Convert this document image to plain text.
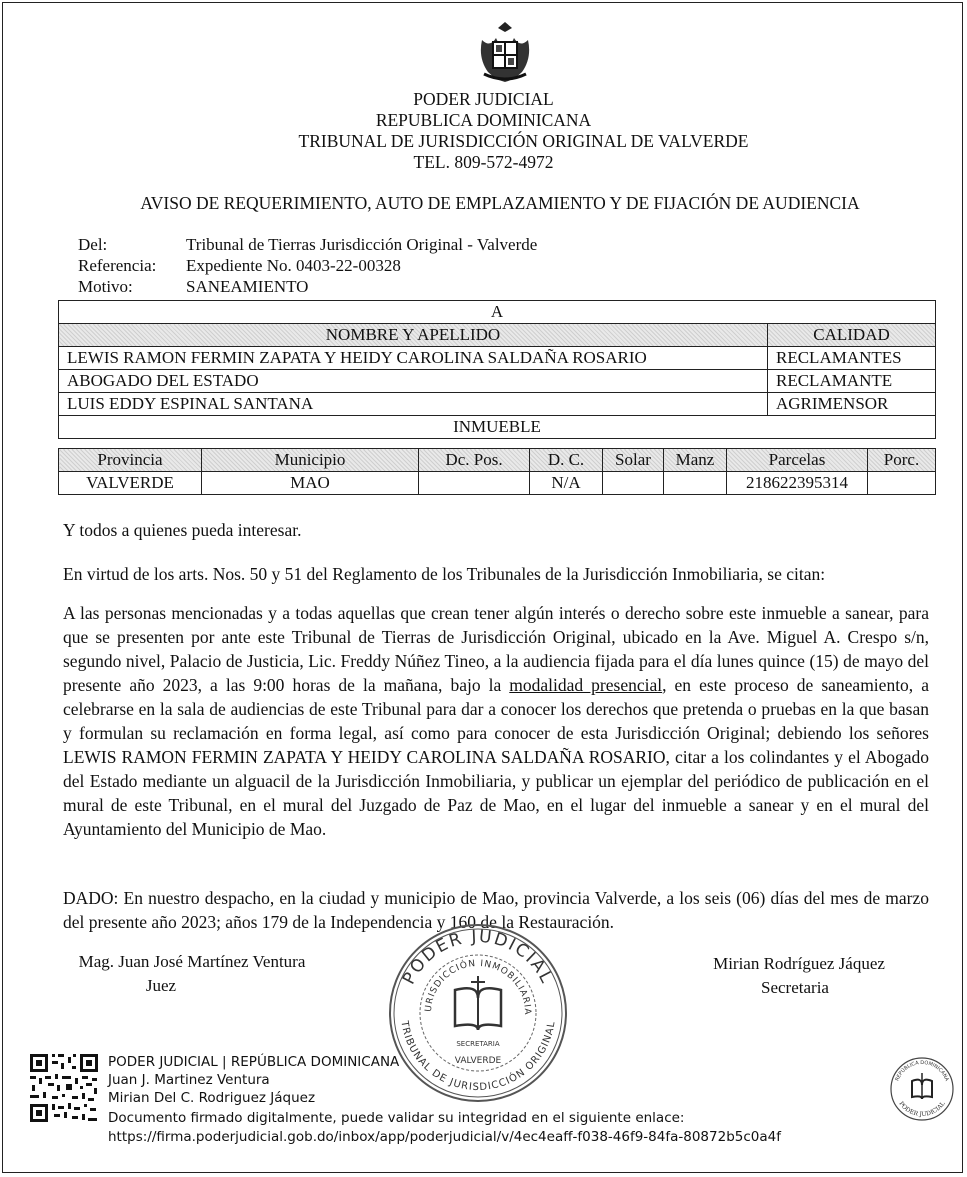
PODER JUDICIAL
REPUBLICA DOMINICANA
TRIBUNAL DE JURISDICCIÓN ORIGINAL DE VALVERDE
TEL. 809-572-4972
AVISO DE REQUERIMIENTO, AUTO DE EMPLAZAMIENTO Y DE FIJACIÓN DE AUDIENCIA
Del:	Tribunal de Tierras Jurisdicción Original - Valverde
Referencia: Expediente No. 0403-22-00328
Motivo:	SANEAMIENTO
A	
NOMBRE Y APELLIDO	CALIDAD
LEWIS RAMON FERMIN ZAPATA Y HEIDY CAROLINA SALDAÑA ROSARIO	RECLAMANTES
ABOGADO DEL ESTADO	RECLAMANTE
LUIS EDDY ESPINAL SANTANA	AGRIMENSOR
INMUEBLE	
Provincia	Municipio	Dc. Pos.	D. C.	Solar	Manz	Parcelas	Porc.
VALVERDE	MAO		N/A			218622395314	
Y todos a quienes pueda interesar.
En virtud de los arts. Nos. 50 y 51 del Reglamento de los Tribunales de la Jurisdicción Inmobiliaria, se citan:
A las personas mencionadas y a todas aquellas que crean tener algún interés o derecho sobre este inmueble a sanear, para que se presenten por ante este Tribunal de Tierras de Jurisdicción Original, ubicado en la Ave. Miguel A. Crespo s/n, segundo nivel, Palacio de Justicia, Lic. Freddy Núñez Tineo, a la audiencia fijada para el día lunes quince (15) de mayo del presente año 2023, a las 9:00 horas de la mañana, bajo la modalidad presencial, en este proceso de saneamiento, a celebrarse en la sala de audiencias de este Tribunal para dar a conocer los derechos que pretenda o pruebas en la que basan y formulan su reclamación en forma legal, así como para conocer de esta Jurisdicción Original; debiendo los señores LEWIS RAMON FERMIN ZAPATA Y HEIDY CAROLINA SALDAÑA ROSARIO, citar a los colindantes y el Abogado del Estado mediante un alguacil de la Jurisdicción Inmobiliaria, y publicar un ejemplar del periódico de publicación en el mural de este Tribunal, en el mural del Juzgado de Paz de Mao, en el lugar del inmueble a sanear y en el mural del Ayuntamiento del Municipio de Mao.
DADO: En nuestro despacho, en la ciudad y municipio de Mao, provincia Valverde, a los seis (06) días del mes de marzo del presente año 2023; años 179 de la Independencia y 160 de la Restauración.
Mag. Juan José Martínez Ventura
Juez
Mirian Rodríguez Jáquez
Secretaria
PODER JUDICIAL
URISDICCIÓN INMOBILIARIA
TRIBUNAL DE JURISDICCIÓN ORIGINAL
SECRETARIA
VALVERDE
PODER JUDICIAL | REPÚBLICA DOMINICANA
Juan J. Martinez Ventura
Mirian Del C. Rodriguez Jáquez
Documento firmado digitalmente, puede validar su integridad en el siguiente enlace:
https://firma.poderjudicial.gob.do/inbox/app/poderjudicial/v/4ec4eaff-f038-46f9-84fa-80872b5c0a4f
REPÚBLICA DOMINICANA
PODER JUDICIAL
